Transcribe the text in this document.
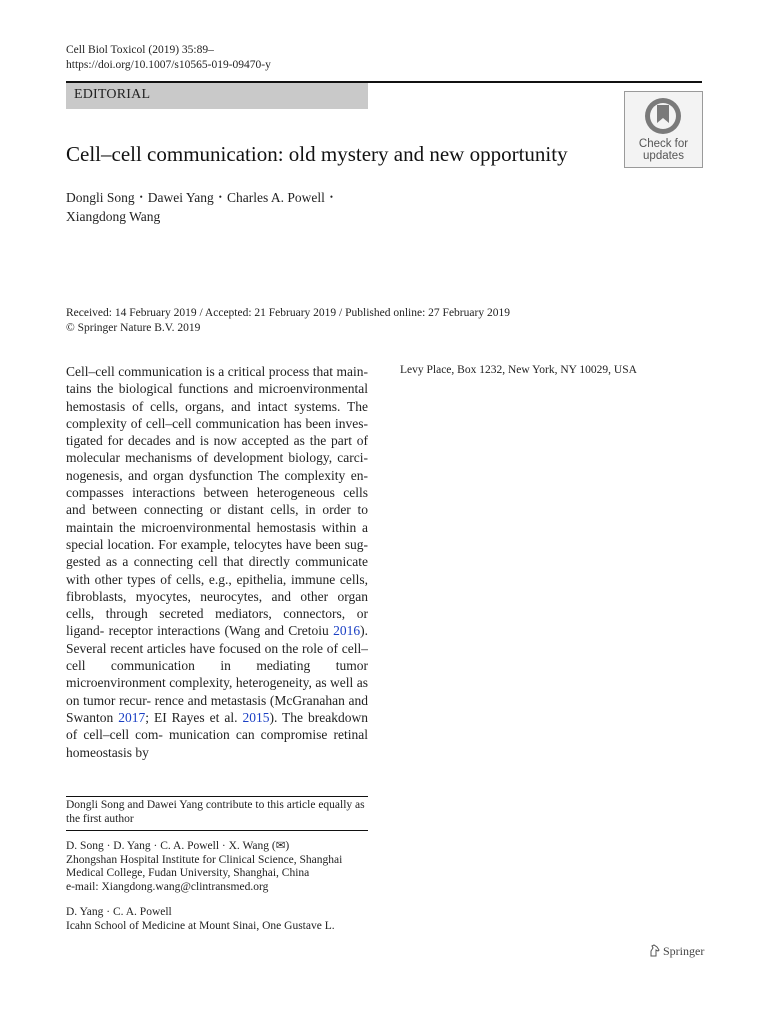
Cell Biol Toxicol (2019) 35:89–
https://doi.org/10.1007/s10565-019-09470-y
EDITORIAL
Check for
updates
Cell–cell communication: old mystery and new opportunity
Dongli Song • Dawei Yang • Charles A. Powell •
Xiangdong Wang
Received: 14 February 2019 / Accepted: 21 February 2019 / Published online: 27 February 2019
© Springer Nature B.V. 2019
Cell–cell communication is a critical process that main- tains the biological functions and microenvironmental hemostasis of cells, organs, and intact systems. The complexity of cell–cell communication has been inves- tigated for decades and is now accepted as the part of molecular mechanisms of development biology, carci- nogenesis, and organ dysfunction The complexity en- compasses interactions between heterogeneous cells and between connecting or distant cells, in order to maintain the microenvironmental hemostasis within a special location. For example, telocytes have been sug- gested as a connecting cell that directly communicate with other types of cells, e.g., epithelia, immune cells, fibroblasts, myocytes, neurocytes, and other organ cells, through secreted mediators, connectors, or ligand- receptor interactions (Wang and Cretoiu 2016). Several recent articles have focused on the role of cell–cell communication in mediating tumor microenvironment complexity, heterogeneity, as well as on tumor recur- rence and metastasis (McGranahan and Swanton 2017; EI Rayes et al. 2015). The breakdown of cell–cell com- munication can compromise retinal homeostasis by
Levy Place, Box 1232, New York, NY 10029, USA
Dongli Song and Dawei Yang contribute to this article equally as the first author
D. Song · D. Yang · C. A. Powell · X. Wang (✉)
Zhongshan Hospital Institute for Clinical Science, Shanghai
Medical College, Fudan University, Shanghai, China
e-mail: Xiangdong.wang@clintransmed.org
D. Yang · C. A. Powell
Icahn School of Medicine at Mount Sinai, One Gustave L.
Springer
